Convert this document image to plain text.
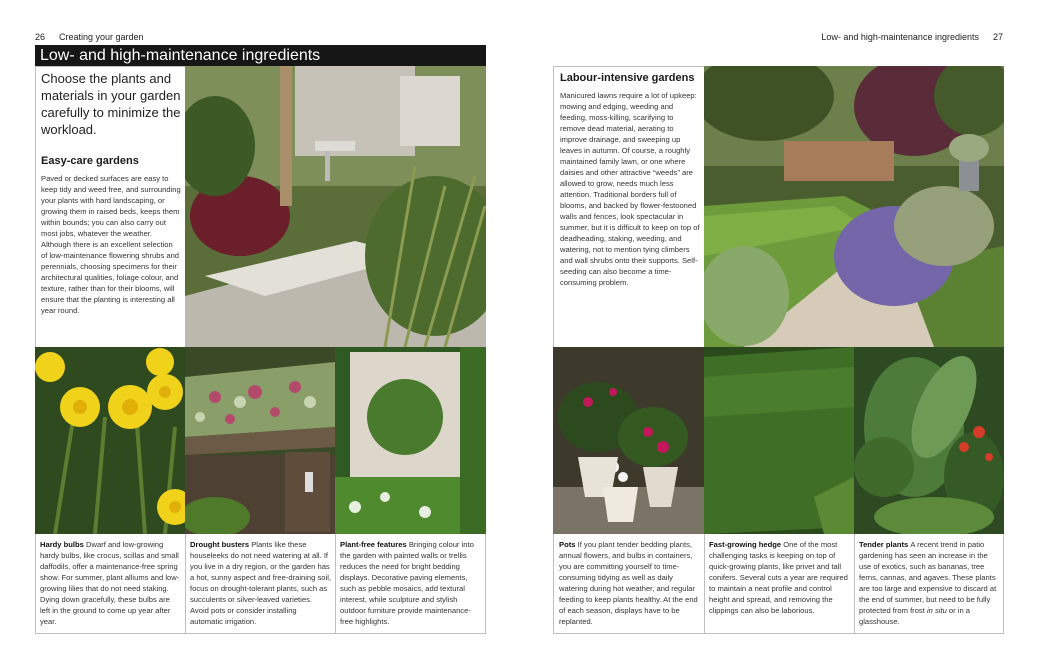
26 Creating your garden	Low- and high-maintenance ingredients 27
Low- and high-maintenance ingredients
Choose the plants and materials in your garden carefully to minimize the workload.
Easy-care gardens
Paved or decked surfaces are easy to keep tidy and weed free, and surrounding your plants with hard landscaping, or growing them in raised beds, keeps them within bounds; you can also carry out most jobs, whatever the weather. Although there is an excellent selection of low-maintenance flowering shrubs and perennials, choosing specimens for their architectural qualities, foliage colour, and texture, rather than for their blooms, will ensure that the planting is interesting all year round.
Labour-intensive gardens
Manicured lawns require a lot of upkeep: mowing and edging, weeding and feeding, moss-killing, scarifying to remove dead material, aerating to improve drainage, and sweeping up leaves in autumn. Of course, a roughly maintained family lawn, or one where daisies and other attractive “weeds” are allowed to grow, needs much less attention. Traditional borders full of blooms, and backed by flower-festooned walls and fences, look spectacular in summer, but it is difficult to keep on top of deadheading, staking, weeding, and watering, not to mention tying climbers and wall shrubs onto their supports. Self-seeding can also become a time-consuming problem.
Hardy bulbs Dwarf and low-growing hardy bulbs, like crocus, scillas and small daffodils, offer a maintenance-free spring show. For summer, plant alliums and low-growing lilies that do not need staking. Dying down gracefully, these bulbs are left in the ground to come up year after year.
Drought busters Plants like these houseleeks do not need watering at all. If you live in a dry region, or the garden has a hot, sunny aspect and free-draining soil, focus on drought-tolerant plants, such as succulents or silver-leaved varieties. Avoid pots or consider installing automatic irrigation.
Plant-free features Bringing colour into the garden with painted walls or trellis reduces the need for bright bedding displays. Decorative paving elements, such as pebble mosaics, add textural interest, while sculpture and stylish outdoor furniture provide maintenance-free highlights.
Pots If you plant tender bedding plants, annual flowers, and bulbs in containers, you are committing yourself to time-consuming tidying as well as daily watering during hot weather, and regular feeding to keep plants healthy. At the end of each season, displays have to be replanted.
Fast-growing hedge One of the most challenging tasks is keeping on top of quick-growing plants, like privet and tall conifers. Several cuts a year are required to maintain a neat profile and control height and spread, and removing the clippings can also be laborious.
Tender plants A recent trend in patio gardening has seen an increase in the use of exotics, such as bananas, tree ferns, cannas, and agaves. These plants are too large and expensive to discard at the end of summer, but need to be fully protected from frost in situ or in a glasshouse.
